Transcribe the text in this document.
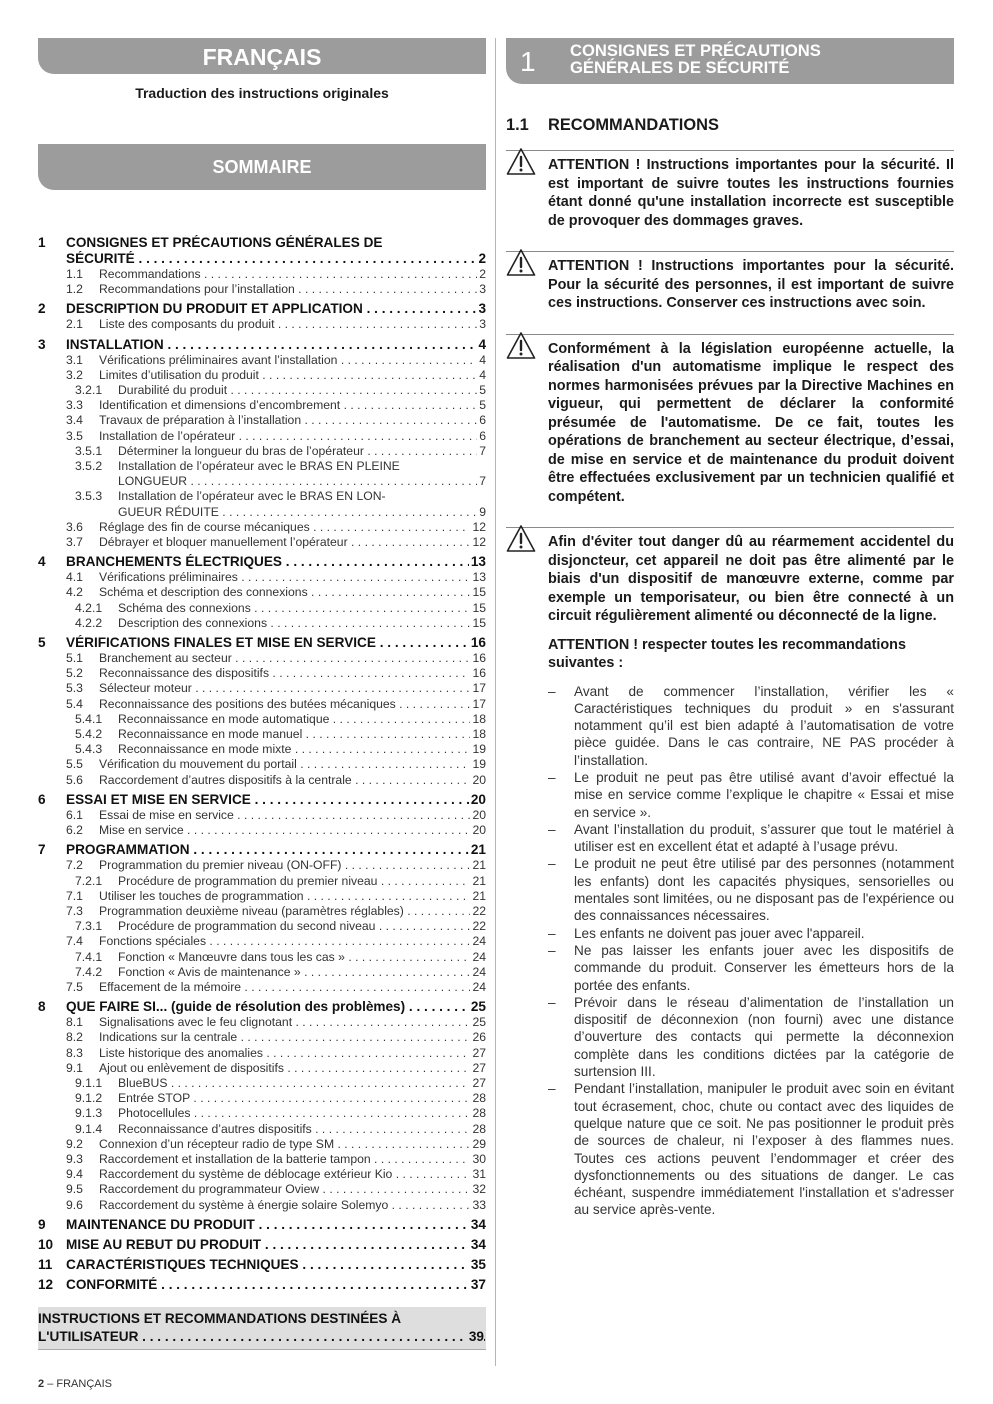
FRANÇAIS
Traduction des instructions originales
SOMMAIRE
1 CONSIGNES ET PRÉCAUTIONS GÉNÉRALES DE
SÉCURITÉ . . .	2
1.1 Recommandations . . .	2
1.2 Recommandations pour l’installation . . .	3
2 DESCRIPTION DU PRODUIT ET APPLICATION . . .	3
2.1 Liste des composants du produit . . .	3
3 INSTALLATION . . .	4
3.1 Vérifications préliminaires avant l’installation . . .	4
3.2 Limites d’utilisation du produit . . .	4
3.2.1 Durabilité du produit . . .	5
3.3 Identification et dimensions d’encombrement . . .	5
3.4 Travaux de préparation à l’installation . . .	6
3.5 Installation de l’opérateur . . .	6
3.5.1 Déterminer la longueur du bras de l’opérateur . . .	7
3.5.2 Installation de l’opérateur avec le BRAS EN PLEINE
LONGUEUR . . .	7
3.5.3 Installation de l’opérateur avec le BRAS EN LON-
GUEUR RÉDUITE . . .	9
3.6 Réglage des fin de course mécaniques . . .	12
3.7 Débrayer et bloquer manuellement l’opérateur . . .	12
4 BRANCHEMENTS ÉLECTRIQUES . . .	13
4.1 Vérifications préliminaires . . .	13
4.2 Schéma et description des connexions . . .	15
4.2.1 Schéma des connexions . . .	15
4.2.2 Description des connexions . . .	15
5 VÉRIFICATIONS FINALES ET MISE EN SERVICE . . .	16
5.1 Branchement au secteur . . .	16
5.2 Reconnaissance des dispositifs . . .	16
5.3 Sélecteur moteur . . .	17
5.4 Reconnaissance des positions des butées mécaniques . . .	17
5.4.1 Reconnaissance en mode automatique . . .	18
5.4.2 Reconnaissance en mode manuel . . .	18
5.4.3 Reconnaissance en mode mixte . . .	19
5.5 Vérification du mouvement du portail . . .	19
5.6 Raccordement d’autres dispositifs à la centrale . . .	20
6 ESSAI ET MISE EN SERVICE . . .	20
6.1 Essai de mise en service . . .	20
6.2 Mise en service . . .	20
7 PROGRAMMATION . . .	21
7.2 Programmation du premier niveau (ON-OFF) . . .	21
7.2.1 Procédure de programmation du premier niveau . . .	21
7.1 Utiliser les touches de programmation . . .	21
7.3 Programmation deuxième niveau (paramètres réglables) . . .	22
7.3.1 Procédure de programmation du second niveau . . .	22
7.4 Fonctions spéciales . . .	24
7.4.1 Fonction « Manœuvre dans tous les cas » . . .	24
7.4.2 Fonction « Avis de maintenance » . . .	24
7.5 Effacement de la mémoire . . .	24
8 QUE FAIRE SI... (guide de résolution des problèmes) . . .	25
8.1 Signalisations avec le feu clignotant . . .	25
8.2 Indications sur la centrale . . .	26
8.3 Liste historique des anomalies . . .	27
9.1 Ajout ou enlèvement de dispositifs . . .	27
9.1.1 BlueBUS . . .	27
9.1.2 Entrée STOP . . .	28
9.1.3 Photocellules . . .	28
9.1.4 Reconnaissance d’autres dispositifs . . .	28
9.2 Connexion d’un récepteur radio de type SM . . .	29
9.3 Raccordement et installation de la batterie tampon . . .	30
9.4 Raccordement du système de déblocage extérieur Kio . . .	31
9.5 Raccordement du programmateur Oview . . .	32
9.6 Raccordement du système à énergie solaire Solemyo . . .	33
9 MAINTENANCE DU PRODUIT . . .	34
10 MISE AU REBUT DU PRODUIT . . .	34
11 CARACTÉRISTIQUES TECHNIQUES . . .	35
12 CONFORMITÉ . . .	37
INSTRUCTIONS ET RECOMMANDATIONS DESTINÉES À
L'UTILISATEUR . . .	39
1 CONSIGNES ET PRÉCAUTIONS
GÉNÉRALES DE SÉCURITÉ
1.1 RECOMMANDATIONS

ATTENTION ! Instructions importantes pour la sécurité. Il est important de suivre toutes les instructions fournies étant donné qu'une installation incorrecte est susceptible de provoquer des dommages graves.

ATTENTION ! Instructions importantes pour la sécurité. Pour la sécurité des personnes, il est important de suivre ces instructions. Conserver ces instructions avec soin.

Conformément à la législation européenne actuelle, la réalisation d'un automatisme implique le respect des normes harmonisées prévues par la Directive Machines en vigueur, qui permettent de déclarer la conformité présumée de l'automatisme. De ce fait, toutes les opérations de branchement au secteur électrique, d’essai, de mise en service et de maintenance du produit doivent être effectuées exclusivement par un technicien qualifié et compétent.

Afin d'éviter tout danger dû au réarmement accidentel du disjoncteur, cet appareil ne doit pas être alimenté par le biais d'un dispositif de manœuvre externe, comme par exemple un temporisateur, ou bien être connecté à un circuit régulièrement alimenté ou déconnecté de la ligne.

ATTENTION ! respecter toutes les recommandations suivantes :
– Avant de commencer l’installation, vérifier les « Caractéristiques techniques du produit » en s'assurant notamment qu’il est bien adapté à l’automatisation de votre pièce guidée. Dans le cas contraire, NE PAS procéder à l’installation.
– Le produit ne peut pas être utilisé avant d’avoir effectué la mise en service comme l’explique le chapitre « Essai et mise en service ».
– Avant l’installation du produit, s’assurer que tout le matériel à utiliser est en excellent état et adapté à l’usage prévu.
– Le produit ne peut être utilisé par des personnes (notamment les enfants) dont les capacités physiques, sensorielles ou mentales sont limitées, ou ne disposant pas de l'expérience ou des connaissances nécessaires.
– Les enfants ne doivent pas jouer avec l'appareil.
– Ne pas laisser les enfants jouer avec les dispositifs de commande du produit. Conserver les émetteurs hors de la portée des enfants.
– Prévoir dans le réseau d’alimentation de l’installation un dispositif de déconnexion (non fourni) avec une distance d’ouverture des contacts qui permette la déconnexion complète dans les conditions dictées par la catégorie de surtension III.
– Pendant l’installation, manipuler le produit avec soin en évitant tout écrasement, choc, chute ou contact avec des liquides de quelque nature que ce soit. Ne pas positionner le produit près de sources de chaleur, ni l’exposer à des flammes nues. Toutes ces actions peuvent l’endommager et créer des dysfonctionnements ou des situations de danger. Le cas échéant, suspendre immédiatement l'installation et s'adresser au service après-vente.
2 – FRANÇAIS
